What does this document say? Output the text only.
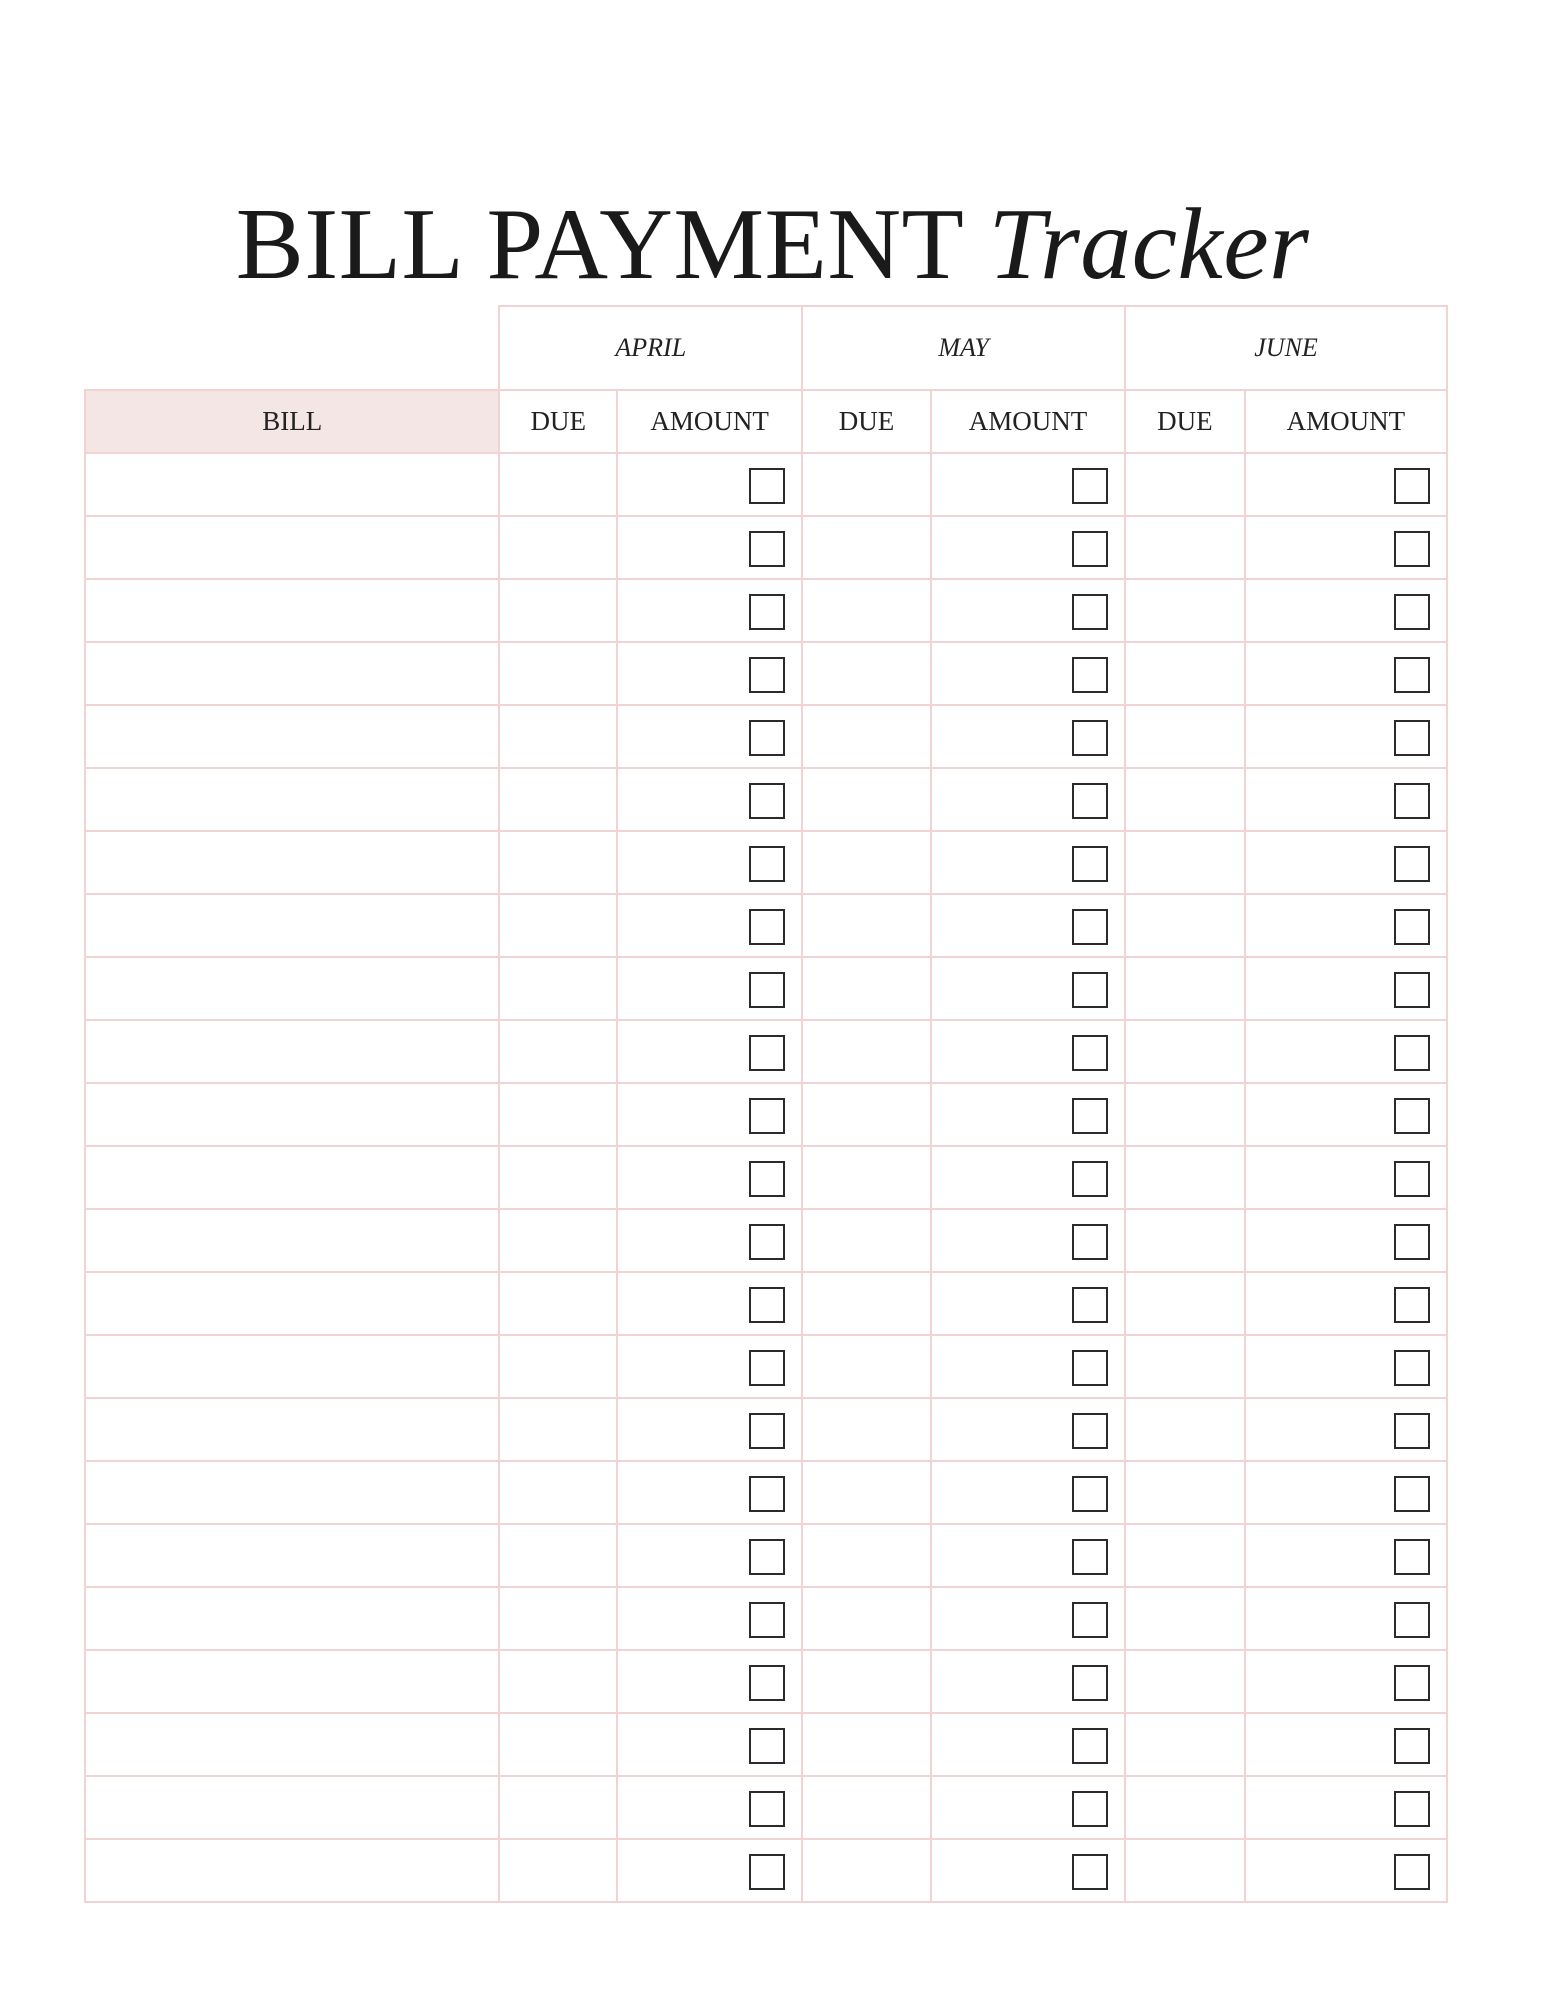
BILL PAYMENT Tracker
	APRIL		MAY		JUNE	
BILL	DUE	AMOUNT	DUE	AMOUNT	DUE	AMOUNT
